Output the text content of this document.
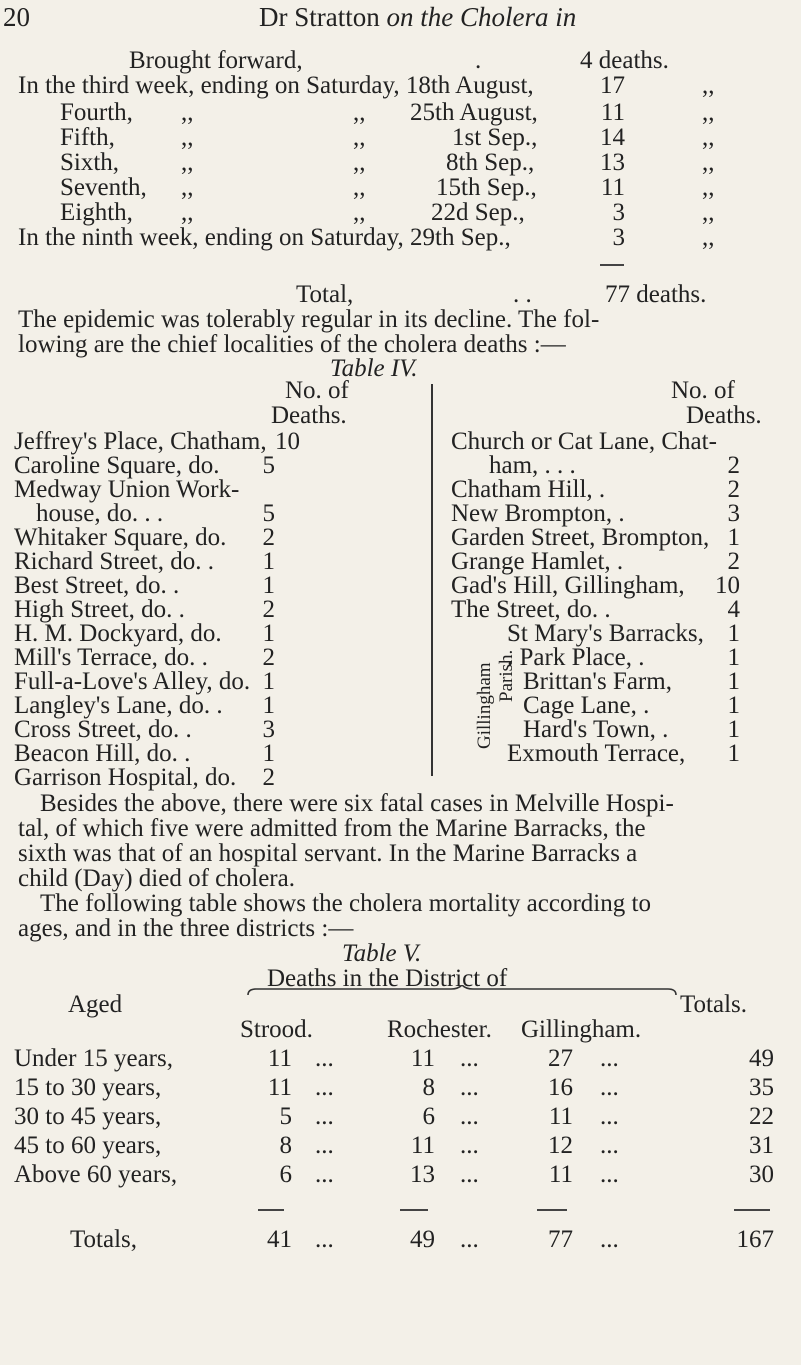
20	Dr Stratton on the Cholera in
Brought forward,	.	4 deaths.
In the third week, ending on Saturday, 18th August,	17	,,
Fourth, ,,	,, 25th August,	11	,,
Fifth,	,,	,,	1st Sep.,	14	,,
Sixth, ,,	,,	8th Sep.,	13	,,
Seventh, ,,	,,	15th Sep.,	11	,,
Eighth, ,,	,,	22d Sep.,	3	,,
In the ninth week, ending on Saturday, 29th Sep.,	3	,,
Total,	. .	77 deaths.
The epidemic was tolerably regular in its decline. The fol-
lowing are the chief localities of the cholera deaths :—
Table IV.
No. of
Deaths.
No. of
Deaths.
Jeffrey's Place, Chatham, 10
Caroline Square, do.	5
Medway Union Work-
house, do. . .	5
Whitaker Square, do.	2
Richard Street, do. .	1
Best Street, do. .	1
High Street, do. .	2
H. M. Dockyard, do.	1
Mill's Terrace, do. .	2
Full-a-Love's Alley, do. 1
Langley's Lane, do. .	1
Cross Street, do. .	3
Beacon Hill, do. .	1
Garrison Hospital, do.	2
Church or Cat Lane, Chat-
ham, . . .	2
Chatham Hill, .	2
New Brompton, .	3
Garden Street, Brompton, 1
Grange Hamlet, .	2
Gad's Hill, Gillingham,	10
The Street, do. .	4
St Mary's Barracks, 1
. Park Place, .	1
Brittan's Farm,	1
Cage Lane, .	1
Hard's Town, .	1
Exmouth Terrace,	1
Gillingham Parish.
Besides the above, there were six fatal cases in Melville Hospi-
tal, of which five were admitted from the Marine Barracks, the
sixth was that of an hospital servant. In the Marine Barracks a
child (Day) died of cholera.
The following table shows the cholera mortality according to
ages, and in the three districts :—
Table V.
Deaths in the District of
Aged	Totals.
Strood.	Rochester. Gillingham.
Under 15 years,	11 ...	11 ...	27 ...	49
15 to 30 years,	11 ...	8 ...	16 ...	35
30 to 45 years,	5 ...	6 ...	11 ...	22
45 to 60 years,	8 ...	11 ...	12 ...	31
Above 60 years,	6 ...	13 ...	11 ...	30
Totals,	41 ...	49 ...	77 ...	167
